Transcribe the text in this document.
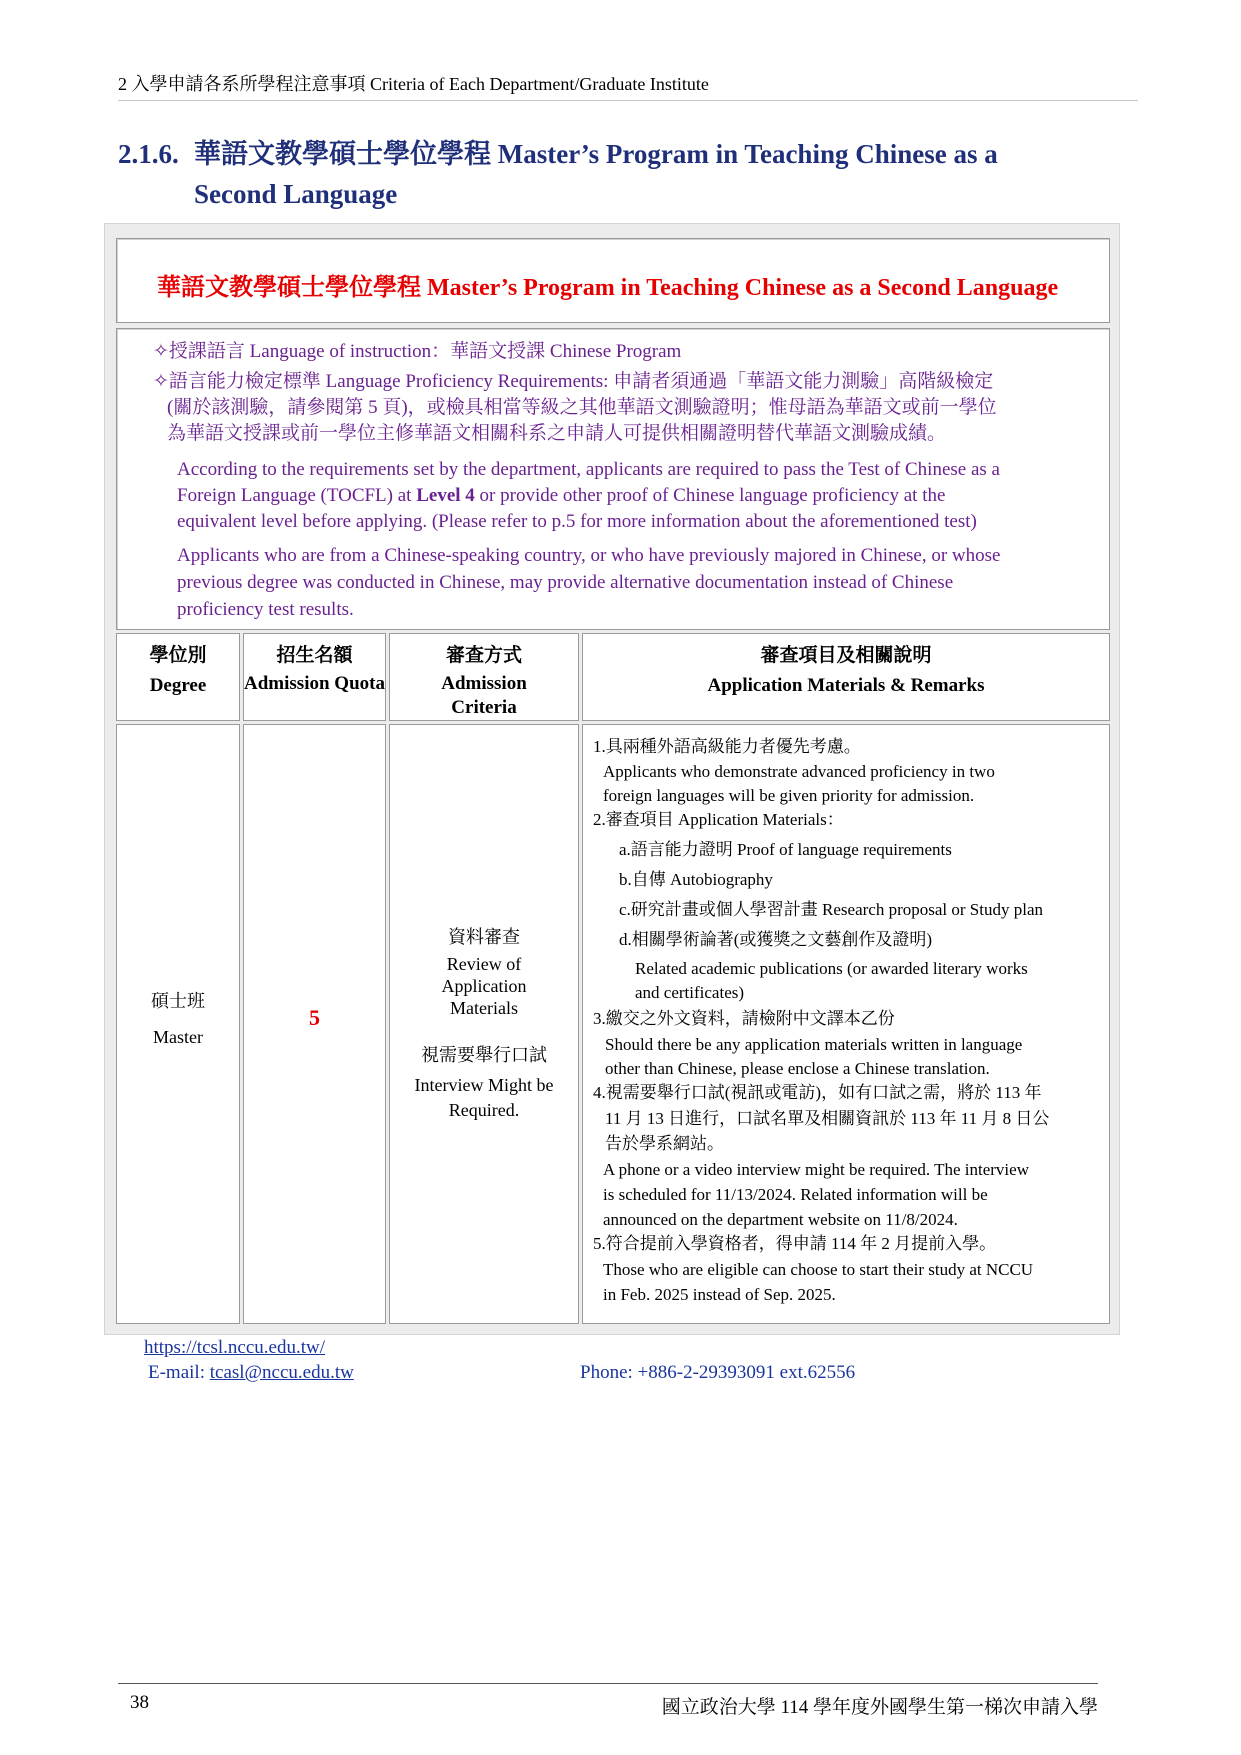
2 入學申請各系所學程注意事項 Criteria of Each Department/Graduate Institute
2.1.6. 華語文教學碩士學位學程 Master’s Program in Teaching Chinese as a
Second Language
華語文教學碩士學位學程 Master’s Program in Teaching Chinese as a Second Language
✧授課語言 Language of instruction：華語文授課 Chinese Program
✧語言能力檢定標準 Language Proficiency Requirements: 申請者須通過「華語文能力測驗」高階級檢定
(關於該測驗，請參閱第 5 頁)，或檢具相當等級之其他華語文測驗證明；惟母語為華語文或前一學位
為華語文授課或前一學位主修華語文相關科系之申請人可提供相關證明替代華語文測驗成績。
According to the requirements set by the department, applicants are required to pass the Test of Chinese as a
Foreign Language (TOCFL) at Level 4 or provide other proof of Chinese language proficiency at the
equivalent level before applying. (Please refer to p.5 for more information about the aforementioned test)
Applicants who are from a Chinese-speaking country, or who have previously majored in Chinese, or whose
previous degree was conducted in Chinese, may provide alternative documentation instead of Chinese
proficiency test results.
學位別
Degree
招生名額
Admission Quota
審查方式
Admission Criteria
審查項目及相關說明
Application Materials & Remarks
碩士班
Master
5
資料審查
Review of Application Materials
視需要舉行口試
Interview Might be Required.
1.具兩種外語高級能力者優先考慮。
Applicants who demonstrate advanced proficiency in two
foreign languages will be given priority for admission.
2.審查項目 Application Materials：
a.語言能力證明 Proof of language requirements
b.自傳 Autobiography
c.研究計畫或個人學習計畫 Research proposal or Study plan
d.相關學術論著(或獲獎之文藝創作及證明)
Related academic publications (or awarded literary works
and certificates)
3.繳交之外文資料，請檢附中文譯本乙份
Should there be any application materials written in language
other than Chinese, please enclose a Chinese translation.
4.視需要舉行口試(視訊或電訪)，如有口試之需，將於 113 年
11 月 13 日進行，口試名單及相關資訊於 113 年 11 月 8 日公
告於學系網站。
A phone or a video interview might be required. The interview
is scheduled for 11/13/2024. Related information will be
announced on the department website on 11/8/2024.
5.符合提前入學資格者，得申請 114 年 2 月提前入學。
Those who are eligible can choose to start their study at NCCU
in Feb. 2025 instead of Sep. 2025.
https://tcsl.nccu.edu.tw/
E-mail: tcasl@nccu.edu.tw	Phone: +886-2-29393091 ext.62556
38	國立政治大學 114 學年度外國學生第一梯次申請入學
